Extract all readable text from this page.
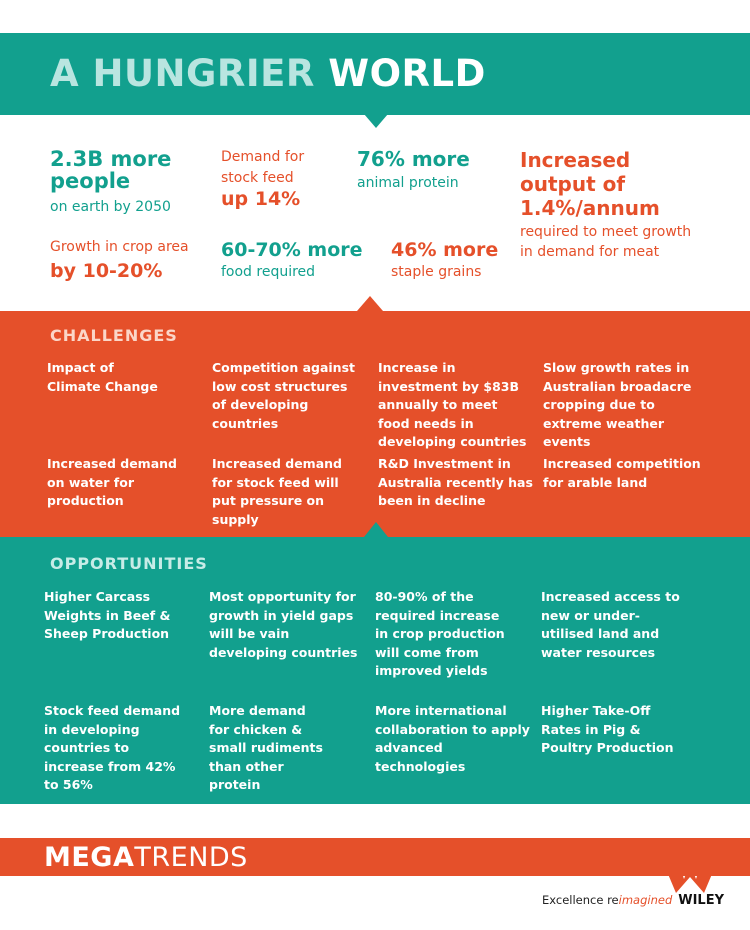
A HUNGRIER WORLD
2.3B more people
on earth by 2050
Demand for
stock feed
up 14%
76% more
animal protein
Increased output of 1.4%/annum
required to meet growth in demand for meat
Growth in crop area
by 10-20%
60-70% more
food required
46% more
staple grains
CHALLENGES
Impact of Climate Change
Competition against low cost structures of developing countries
Increase in investment by $83B annually to meet food needs in developing countries
Slow growth rates in Australian broadacre cropping due to extreme weather events
Increased demand on water for production
Increased demand for stock feed will put pressure on supply
R&D Investment in Australia recently has been in decline
Increased competition for arable land
OPPORTUNITIES
Higher Carcass Weights in Beef & Sheep Production
Most opportunity for growth in yield gaps will be vain developing countries
80-90% of the required increase in crop production will come from improved yields
Increased access to new or under-utilised land and water resources
Stock feed demand in developing countries to increase from 42% to 56%
More demand for chicken & small rudiments than other protein
More international collaboration to apply advanced technologies
Higher Take-Off Rates in Pig & Poultry Production
MEGATRENDS
Excellence reimagined WILEY
